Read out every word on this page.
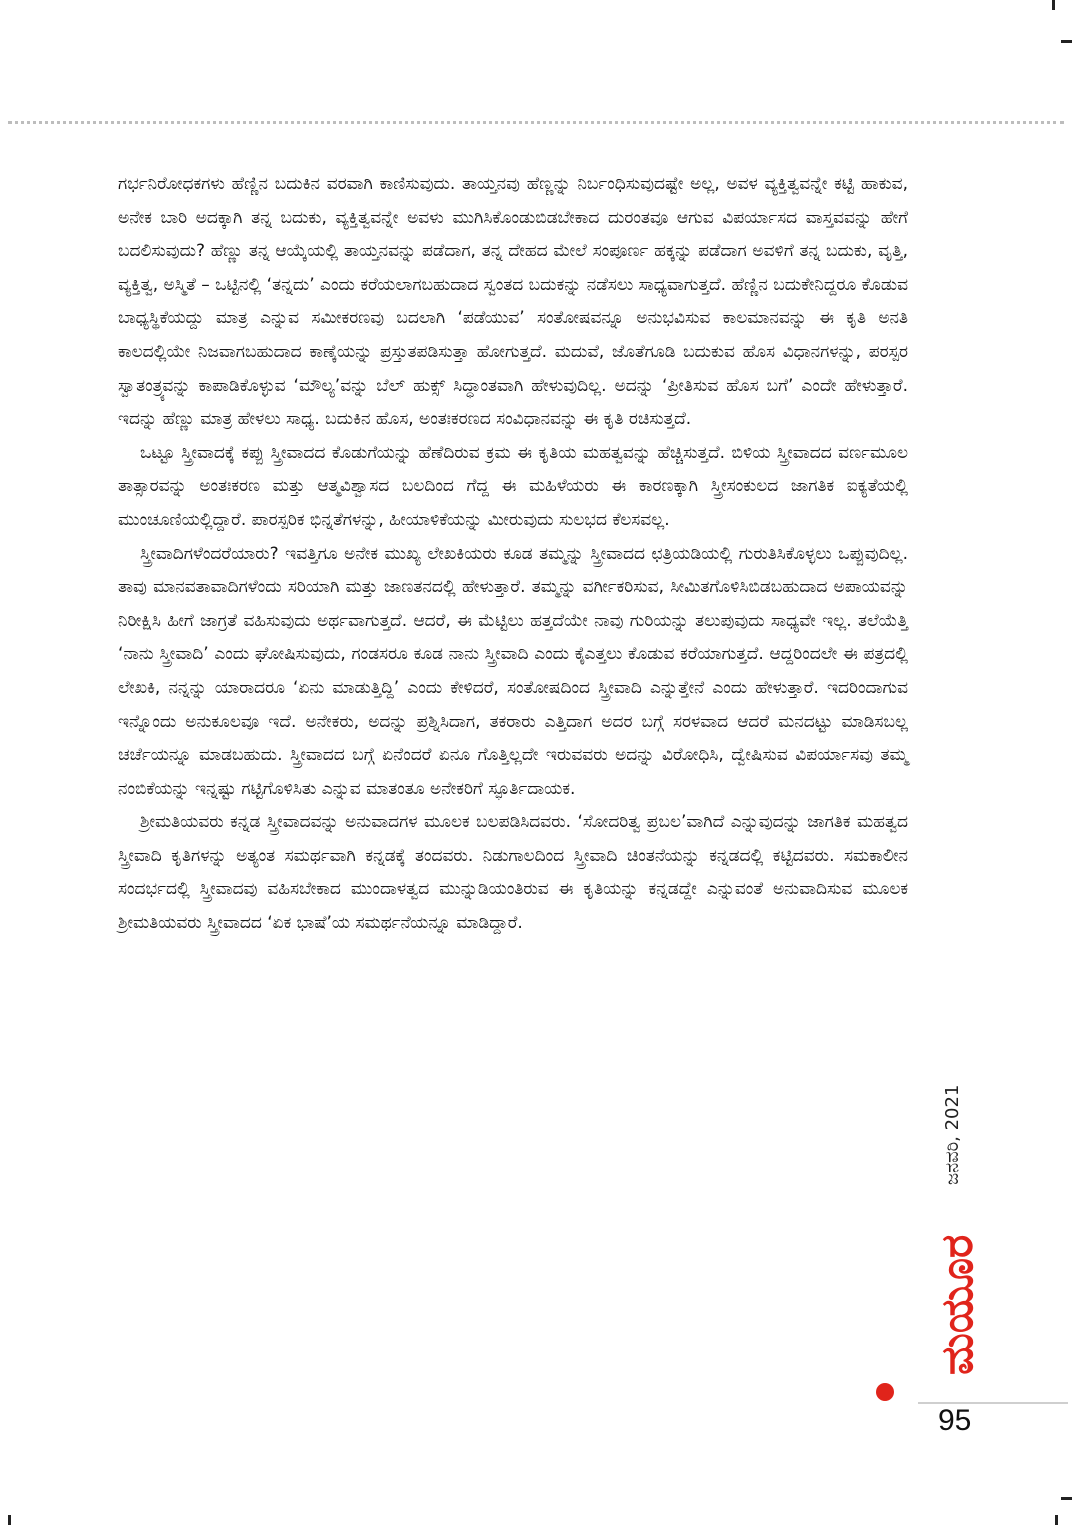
ಗರ್ಭನಿರೋಧಕಗಳು ಹೆಣ್ಣಿನ ಬದುಕಿನ ವರವಾಗಿ ಕಾಣಿಸುವುದು. ತಾಯ್ತನವು ಹೆಣ್ಣನ್ನು ನಿರ್ಬಂಧಿಸುವುದಷ್ಟೇ ಅಲ್ಲ, ಅವಳ ವ್ಯಕ್ತಿತ್ವವನ್ನೇ ಕಟ್ಟಿ ಹಾಕುವ, ಅನೇಕ ಬಾರಿ ಅದಕ್ಕಾಗಿ ತನ್ನ ಬದುಕು, ವ್ಯಕ್ತಿತ್ವವನ್ನೇ ಅವಳು ಮುಗಿಸಿಕೊಂಡುಬಿಡಬೇಕಾದ ದುರಂತವೂ ಆಗುವ ವಿಪರ್ಯಾಸದ ವಾಸ್ತವವನ್ನು ಹೇಗೆ ಬದಲಿಸುವುದು? ಹೆಣ್ಣು ತನ್ನ ಆಯ್ಕೆಯಲ್ಲಿ ತಾಯ್ತನವನ್ನು ಪಡೆದಾಗ, ತನ್ನ ದೇಹದ ಮೇಲೆ ಸಂಪೂರ್ಣ ಹಕ್ಕನ್ನು ಪಡೆದಾಗ ಅವಳಿಗೆ ತನ್ನ ಬದುಕು, ವೃತ್ತಿ, ವ್ಯಕ್ತಿತ್ವ, ಅಸ್ಮಿತೆ – ಒಟ್ಟಿನಲ್ಲಿ ‘ತನ್ನದು’ ಎಂದು ಕರೆಯಲಾಗಬಹುದಾದ ಸ್ವಂತದ ಬದುಕನ್ನು ನಡೆಸಲು ಸಾಧ್ಯವಾಗುತ್ತದೆ. ಹೆಣ್ಣಿನ ಬದುಕೇನಿದ್ದರೂ ಕೊಡುವ ಬಾಧ್ಯಸ್ಥಿಕೆಯದ್ದು ಮಾತ್ರ ಎನ್ನುವ ಸಮೀಕರಣವು ಬದಲಾಗಿ ‘ಪಡೆಯುವ’ ಸಂತೋಷವನ್ನೂ ಅನುಭವಿಸುವ ಕಾಲಮಾನವನ್ನು ಈ ಕೃತಿ ಅನತಿ ಕಾಲದಲ್ಲಿಯೇ ನಿಜವಾಗಬಹುದಾದ ಕಾಣ್ಕೆಯನ್ನು ಪ್ರಸ್ತುತಪಡಿಸುತ್ತಾ ಹೋಗುತ್ತದೆ. ಮದುವೆ, ಜೊತೆಗೂಡಿ ಬದುಕುವ ಹೊಸ ವಿಧಾನಗಳನ್ನು, ಪರಸ್ಪರ ಸ್ವಾತಂತ್ರ್ಯವನ್ನು ಕಾಪಾಡಿಕೊಳ್ಳುವ ‘ಮೌಲ್ಯ’ವನ್ನು ಬೆಲ್ ಹುಕ್ಸ್ ಸಿದ್ಧಾಂತವಾಗಿ ಹೇಳುವುದಿಲ್ಲ. ಅದನ್ನು ‘ಪ್ರೀತಿಸುವ ಹೊಸ ಬಗೆ’ ಎಂದೇ ಹೇಳುತ್ತಾರೆ. ಇದನ್ನು ಹೆಣ್ಣು ಮಾತ್ರ ಹೇಳಲು ಸಾಧ್ಯ. ಬದುಕಿನ ಹೊಸ, ಅಂತಃಕರಣದ ಸಂವಿಧಾನವನ್ನು ಈ ಕೃತಿ ರಚಿಸುತ್ತದೆ.

ಒಟ್ಟೂ ಸ್ತ್ರೀವಾದಕ್ಕೆ ಕಪ್ಪು ಸ್ತ್ರೀವಾದದ ಕೊಡುಗೆಯನ್ನು ಹೆಣೆದಿರುವ ಕ್ರಮ ಈ ಕೃತಿಯ ಮಹತ್ವವನ್ನು ಹೆಚ್ಚಿಸುತ್ತದೆ. ಬಿಳಿಯ ಸ್ತ್ರೀವಾದದ ವರ್ಣಮೂಲ ತಾತ್ಸಾರವನ್ನು ಅಂತಃಕರಣ ಮತ್ತು ಆತ್ಮವಿಶ್ವಾಸದ ಬಲದಿಂದ ಗೆದ್ದ ಈ ಮಹಿಳೆಯರು ಈ ಕಾರಣಕ್ಕಾಗಿ ಸ್ತ್ರೀಸಂಕುಲದ ಜಾಗತಿಕ ಐಕ್ಯತೆಯಲ್ಲಿ ಮುಂಚೂಣಿಯಲ್ಲಿದ್ದಾರೆ. ಪಾರಸ್ಪರಿಕ ಭಿನ್ನತೆಗಳನ್ನು, ಹೀಯಾಳಿಕೆಯನ್ನು ಮೀರುವುದು ಸುಲಭದ ಕೆಲಸವಲ್ಲ.

ಸ್ತ್ರೀವಾದಿಗಳೆಂದರೆಯಾರು? ಇವತ್ತಿಗೂ ಅನೇಕ ಮುಖ್ಯ ಲೇಖಕಿಯರು ಕೂಡ ತಮ್ಮನ್ನು ಸ್ತ್ರೀವಾದದ ಛತ್ರಿಯಡಿಯಲ್ಲಿ ಗುರುತಿಸಿಕೊಳ್ಳಲು ಒಪ್ಪುವುದಿಲ್ಲ. ತಾವು ಮಾನವತಾವಾದಿಗಳೆಂದು ಸರಿಯಾಗಿ ಮತ್ತು ಜಾಣತನದಲ್ಲಿ ಹೇಳುತ್ತಾರೆ. ತಮ್ಮನ್ನು ವರ್ಗೀಕರಿಸುವ, ಸೀಮಿತಗೊಳಿಸಿಬಿಡಬಹುದಾದ ಅಪಾಯವನ್ನು ನಿರೀಕ್ಷಿಸಿ ಹೀಗೆ ಜಾಗ್ರತೆ ವಹಿಸುವುದು ಅರ್ಥವಾಗುತ್ತದೆ. ಆದರೆ, ಈ ಮೆಟ್ಟಿಲು ಹತ್ತದೆಯೇ ನಾವು ಗುರಿಯನ್ನು ತಲುಪುವುದು ಸಾಧ್ಯವೇ ಇಲ್ಲ. ತಲೆಯೆತ್ತಿ ‘ನಾನು ಸ್ತ್ರೀವಾದಿ’ ಎಂದು ಘೋಷಿಸುವುದು, ಗಂಡಸರೂ ಕೂಡ ನಾನು ಸ್ತ್ರೀವಾದಿ ಎಂದು ಕೈಎತ್ತಲು ಕೊಡುವ ಕರೆಯಾಗುತ್ತದೆ. ಆದ್ದರಿಂದಲೇ ಈ ಪತ್ರದಲ್ಲಿ ಲೇಖಕಿ, ನನ್ನನ್ನು ಯಾರಾದರೂ ‘ಏನು ಮಾಡುತ್ತಿದ್ದಿ’ ಎಂದು ಕೇಳಿದರೆ, ಸಂತೋಷದಿಂದ ಸ್ತ್ರೀವಾದಿ ಎನ್ನುತ್ತೇನೆ ಎಂದು ಹೇಳುತ್ತಾರೆ. ಇದರಿಂದಾಗುವ ಇನ್ನೊಂದು ಅನುಕೂಲವೂ ಇದೆ. ಅನೇಕರು, ಅದನ್ನು ಪ್ರಶ್ನಿಸಿದಾಗ, ತಕರಾರು ಎತ್ತಿದಾಗ ಅದರ ಬಗ್ಗೆ ಸರಳವಾದ ಆದರೆ ಮನದಟ್ಟು ಮಾಡಿಸಬಲ್ಲ ಚರ್ಚೆಯನ್ನೂ ಮಾಡಬಹುದು. ಸ್ತ್ರೀವಾದದ ಬಗ್ಗೆ ಏನೆಂದರೆ ಏನೂ ಗೊತ್ತಿಲ್ಲದೇ ಇರುವವರು ಅದನ್ನು ವಿರೋಧಿಸಿ, ದ್ವೇಷಿಸುವ ವಿಪರ್ಯಾಸವು ತಮ್ಮ ನಂಬಿಕೆಯನ್ನು ಇನ್ನಷ್ಟು ಗಟ್ಟಿಗೊಳಿಸಿತು ಎನ್ನುವ ಮಾತಂತೂ ಅನೇಕರಿಗೆ ಸ್ಫೂರ್ತಿದಾಯಕ.

ಶ್ರೀಮತಿಯವರು ಕನ್ನಡ ಸ್ತ್ರೀವಾದವನ್ನು ಅನುವಾದಗಳ ಮೂಲಕ ಬಲಪಡಿಸಿದವರು. ‘ಸೋದರಿತ್ವ ಪ್ರಬಲ’ವಾಗಿದೆ ಎನ್ನುವುದನ್ನು ಜಾಗತಿಕ ಮಹತ್ವದ ಸ್ತ್ರೀವಾದಿ ಕೃತಿಗಳನ್ನು ಅತ್ಯಂತ ಸಮರ್ಥವಾಗಿ ಕನ್ನಡಕ್ಕೆ ತಂದವರು. ನಿಡುಗಾಲದಿಂದ ಸ್ತ್ರೀವಾದಿ ಚಿಂತನೆಯನ್ನು ಕನ್ನಡದಲ್ಲಿ ಕಟ್ಟಿದವರು. ಸಮಕಾಲೀನ ಸಂದರ್ಭದಲ್ಲಿ ಸ್ತ್ರೀವಾದವು ವಹಿಸಬೇಕಾದ ಮುಂದಾಳತ್ವದ ಮುನ್ನುಡಿಯಂತಿರುವ ಈ ಕೃತಿಯನ್ನು ಕನ್ನಡದ್ದೇ ಎನ್ನುವಂತೆ ಅನುವಾದಿಸುವ ಮೂಲಕ ಶ್ರೀಮತಿಯವರು ಸ್ತ್ರೀವಾದದ ‘ಏಕ ಭಾಷೆ’ಯ ಸಮರ್ಥನೆಯನ್ನೂ ಮಾಡಿದ್ದಾರೆ.

ಜನವರಿ, 2021
ಮಯೂರ
95
